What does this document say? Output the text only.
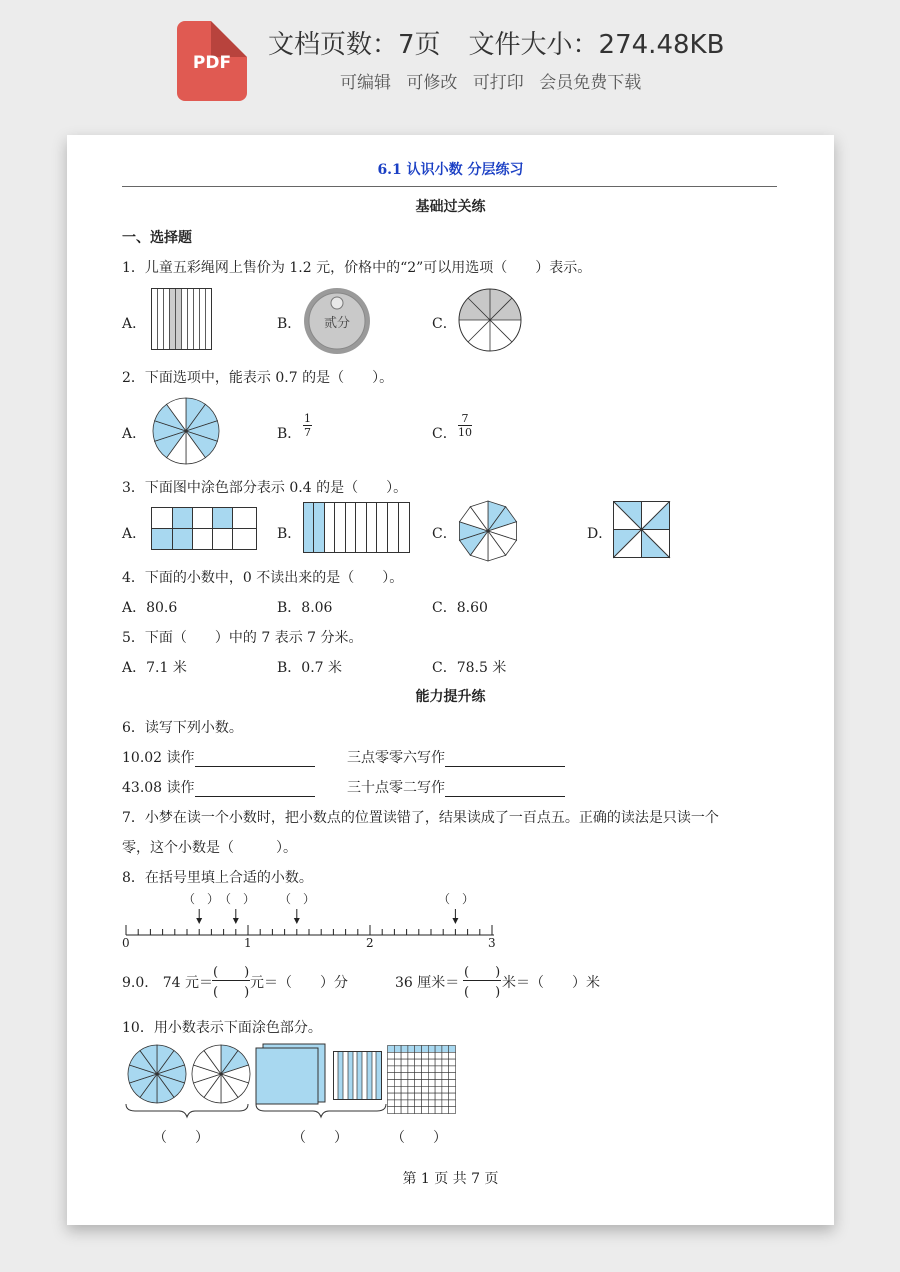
PDF
文档页数：7页 文件大小：274.48KB
可编辑 可修改 可打印 会员免费下载
6.1 认识小数 分层练习
基础过关练
一、选择题
1．儿童五彩绳网上售价为 1.2 元，价格中的“2”可以用选项（　　）表示。
A．	B． 贰分	C．
2．下面选项中，能表示 0.7 的是（　　）。
A．	B． $\frac{1}{7}$	C． $\frac{7}{10}$
3．下面图中涂色部分表示 0.4 的是（　　）。
A．	B．	C．	D．
4．下面的小数中，0 不读出来的是（　　）。
A．80.6	B．8.06	C．8.60
5．下面（　　）中的 7 表示 7 分米。
A．7.1 米	B．0.7 米	C．78.5 米
能力提升练
6．读写下列小数。
10.02 读作	三点零零六写作
43.08 读作	三十点零二写作
7．小梦在读一个小数时，把小数点的位置读错了，结果读成了一百点五。正确的读法是只读一个
零，这个小数是（　　　）。
8．在括号里填上合适的小数。
（　） （　） （　）	（　）
0	1	2	3
9.0.　74 元＝
(　　)
(　　)
元＝（　　）分	36 厘米＝
(　　)
(　　)
米＝（　　）米
10．用小数表示下面涂色部分。
（　　）	（　　）	（　　）
第 1 页 共 7 页
